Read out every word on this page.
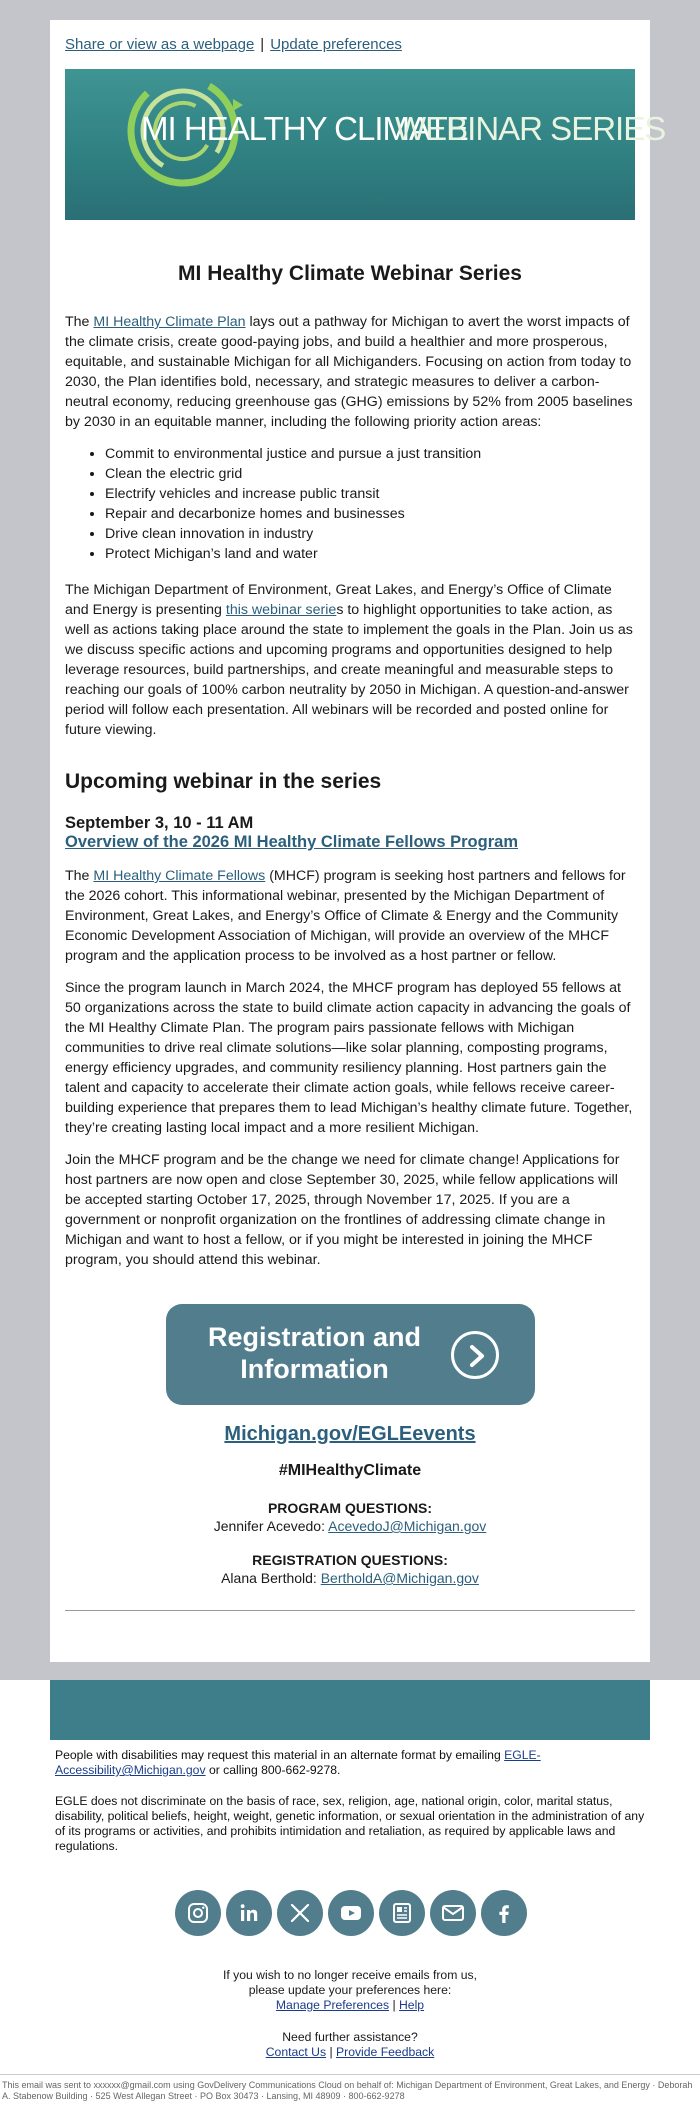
Share or view as a webpage | Update preferences
MI HEALTHY CLIMATE
WEBINAR SERIES
MI Healthy Climate Webinar Series

The MI Healthy Climate Plan lays out a pathway for Michigan to avert the worst impacts of the climate crisis, create good-paying jobs, and build a healthier and more prosperous, equitable, and sustainable Michigan for all Michiganders. Focusing on action from today to 2030, the Plan identifies bold, necessary, and strategic measures to deliver a carbon-neutral economy, reducing greenhouse gas (GHG) emissions by 52% from 2005 baselines by 2030 in an equitable manner, including the following priority action areas:

• Commit to environmental justice and pursue a just transition
• Clean the electric grid
• Electrify vehicles and increase public transit
• Repair and decarbonize homes and businesses
• Drive clean innovation in industry
• Protect Michigan’s land and water

The Michigan Department of Environment, Great Lakes, and Energy’s Office of Climate and Energy is presenting this webinar series to highlight opportunities to take action, as well as actions taking place around the state to implement the goals in the Plan. Join us as we discuss specific actions and upcoming programs and opportunities designed to help leverage resources, build partnerships, and create meaningful and measurable steps to reaching our goals of 100% carbon neutrality by 2050 in Michigan. A question-and-answer period will follow each presentation. All webinars will be recorded and posted online for future viewing.

Upcoming webinar in the series
September 3, 10 - 11 AM
Overview of the 2026 MI Healthy Climate Fellows Program

The MI Healthy Climate Fellows (MHCF) program is seeking host partners and fellows for the 2026 cohort. This informational webinar, presented by the Michigan Department of Environment, Great Lakes, and Energy’s Office of Climate & Energy and the Community Economic Development Association of Michigan, will provide an overview of the MHCF program and the application process to be involved as a host partner or fellow.

Since the program launch in March 2024, the MHCF program has deployed 55 fellows at 50 organizations across the state to build climate action capacity in advancing the goals of the MI Healthy Climate Plan. The program pairs passionate fellows with Michigan communities to drive real climate solutions—like solar planning, composting programs, energy efficiency upgrades, and community resiliency planning. Host partners gain the talent and capacity to accelerate their climate action goals, while fellows receive career-building experience that prepares them to lead Michigan’s healthy climate future. Together, they’re creating lasting local impact and a more resilient Michigan.

Join the MHCF program and be the change we need for climate change! Applications for host partners are now open and close September 30, 2025, while fellow applications will be accepted starting October 17, 2025, through November 17, 2025. If you are a government or nonprofit organization on the frontlines of addressing climate change in Michigan and want to host a fellow, or if you might be interested in joining the MHCF program, you should attend this webinar.

Registration and
Information
Michigan.gov/EGLEevents
#MIHealthyClimate
PROGRAM QUESTIONS:
Jennifer Acevedo: AcevedoJ@Michigan.gov
REGISTRATION QUESTIONS:
Alana Berthold: BertholdA@Michigan.gov

People with disabilities may request this material in an alternate format by emailing EGLE-Accessibility@Michigan.gov or calling 800-662-9278.

EGLE does not discriminate on the basis of race, sex, religion, age, national origin, color, marital status, disability, political beliefs, height, weight, genetic information, or sexual orientation in the administration of any of its programs or activities, and prohibits intimidation and retaliation, as required by applicable laws and regulations.

If you wish to no longer receive emails from us,
please update your preferences here:
Manage Preferences | Help
Need further assistance?
Contact Us | Provide Feedback
This email was sent to xxxxxx@gmail.com using GovDelivery Communications Cloud on behalf of: Michigan Department of Environment, Great Lakes, and Energy · Deborah A. Stabenow Building · 525 West Allegan Street · PO Box 30473 · Lansing, MI 48909 · 800-662-9278
